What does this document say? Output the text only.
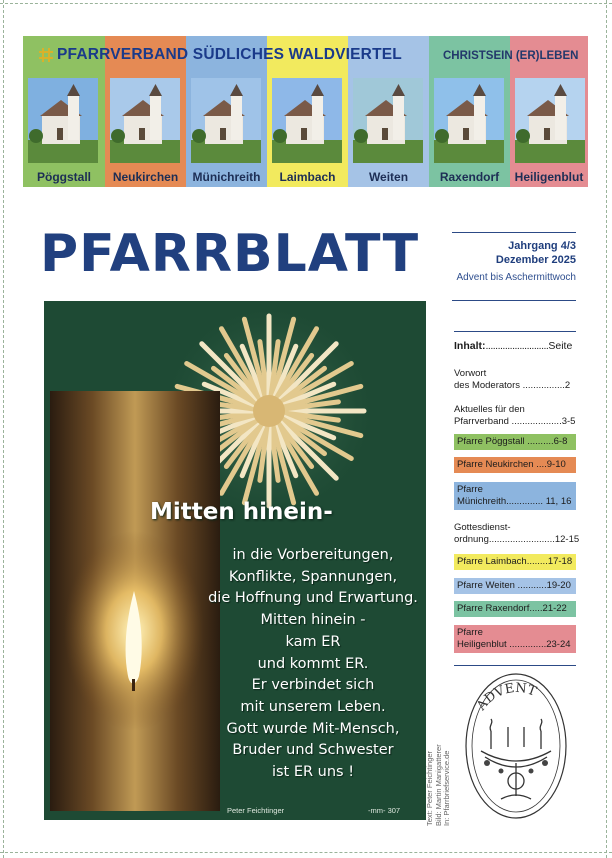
PFARRVERBAND SÜDLICHES WALDVIERTEL	CHRISTSEIN (ER)LEBEN
Pöggstall	Neukirchen	Münichreith	Laimbach	Weiten	Raxendorf	Heiligenblut
PFARRBLATT	Jahrgang 4/3
Dezember 2025
Advent bis Aschermittwoch
Mitten hinein-
in die Vorbereitungen,
Konflikte, Spannungen,
die Hoffnung und Erwartung.
Mitten hinein -
kam ER
und kommt ER.
Er verbindet sich
mit unserem Leben.
Gott wurde Mit-Mensch,
Bruder und Schwester
ist ER uns !
Peter Feichtinger	-mm- 307	Text: Peter Feichtinger Bild: Martin Manigatterer In: Pfarrbriefservice.de
Inhalt:..........................Seite
Vorwort
des Moderators ................2
Aktuelles für den
Pfarrverband ...................3-5
Pfarre Pöggstall ..........6-8
Pfarre Neukirchen ....9-10
Pfarre
Münichreith.............. 11, 16
Gottesdienst-
ordnung.........................12-15
Pfarre Laimbach........17-18
Pfarre Weiten ...........19-20
Pfarre Raxendorf.....21-22
Pfarre
Heiligenblut ..............23-24
ADVENT
